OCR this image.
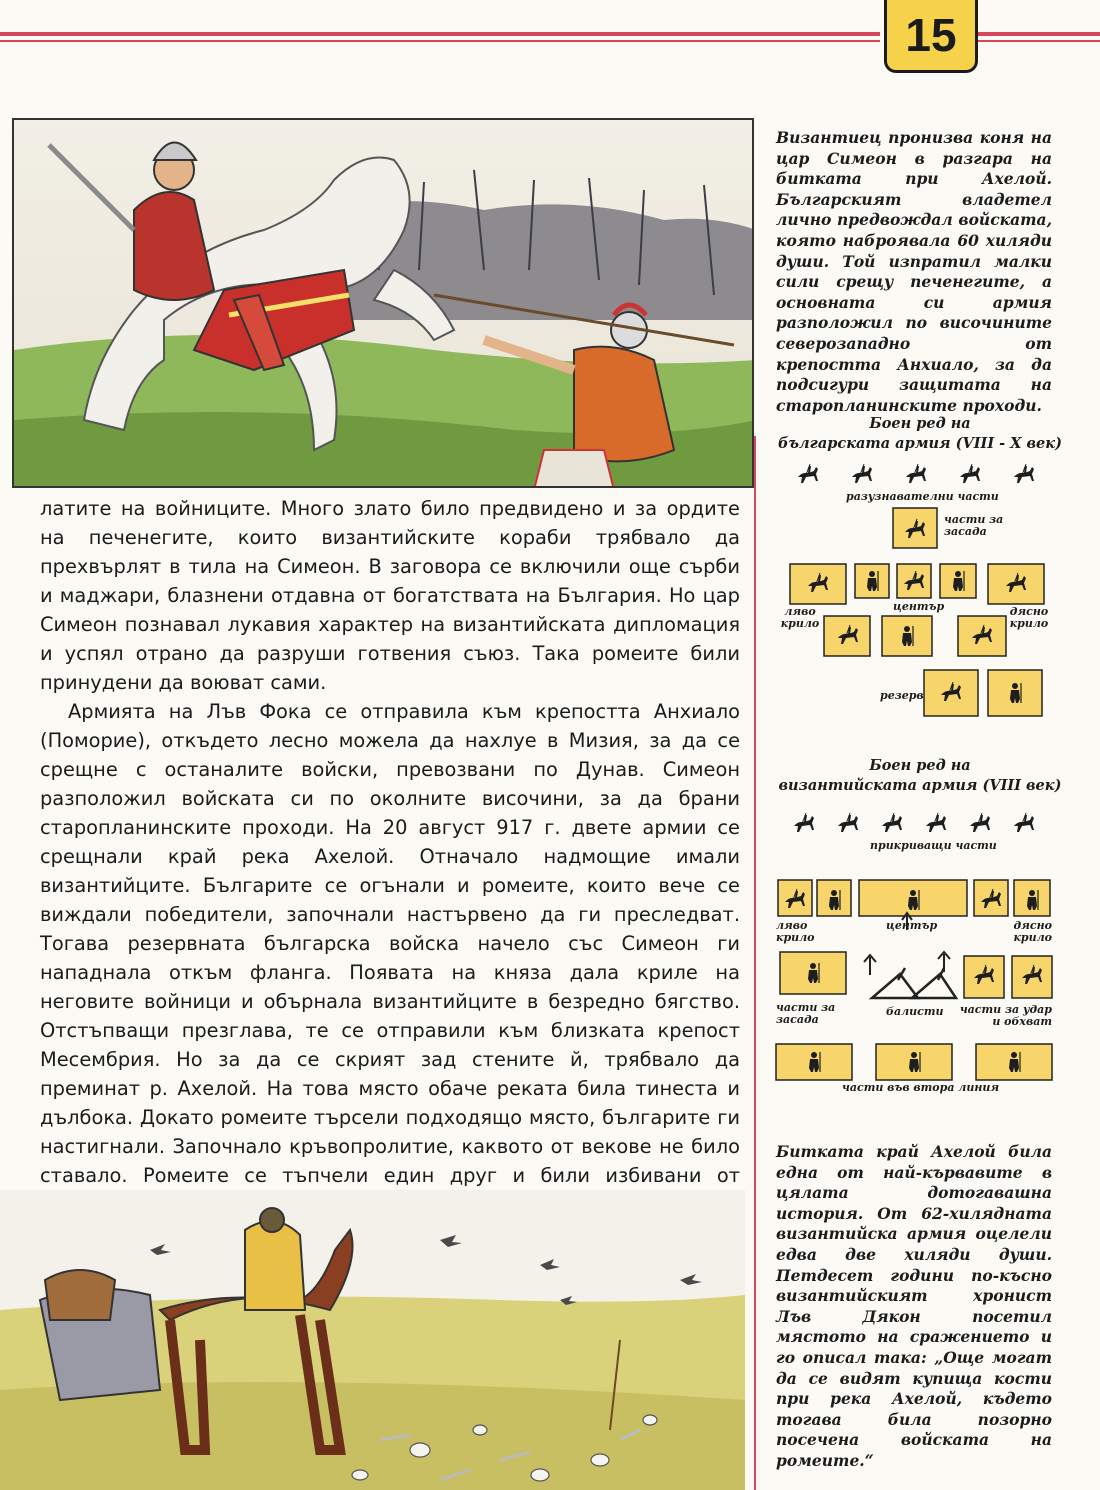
15

латите на войниците. Много злато било предвидено и за ордите на печенегите, които византийските кораби трябвало да прехвърлят в тила на Симеон. В заговора се включили още сърби и маджари, блазнени отдавна от богатствата на България. Но цар Симеон познавал лукавия характер на византийската дипломация и успял отрано да разруши готвения съюз. Така ромеите били принудени да воюват сами.

Армията на Лъв Фока се отправила към крепостта Анхиало (Поморие), откъдето лесно можела да нахлуе в Мизия, за да се срещне с останалите войски, превозвани по Дунав. Симеон разположил войската си по околните височини, за да брани старопланинските проходи. На 20 август 917 г. двете армии се срещнали край река Ахелой. Отначало надмощие имали византийците. Българите се огънали и ромеите, които вече се виждали победители, започнали настървено да ги преследват. Тогава резервната българска войска начело със Симеон ги нападнала откъм фланга. Появата на княза дала криле на неговите войници и обърнала византийците в безредно бягство. Отстъпващи презглава, те се отправили към близката крепост Месембрия. Но за да се скрият зад стените й, трябвало да преминат р. Ахелой. На това място обаче реката била тинеста и дълбока. Докато ромеите търсели подходящо място, българите ги настигнали. Започнало кръвопролитие, каквото от векове не било ставало. Ромеите се тъпчели един друг и били избивани от

Византиец пронизва коня на цар Симеон в разгара на битката при Ахелой. Българският владетел лично предвождал войската, която наброявала 60 хиляди души. Той изпратил малки сили срещу печенегите, а основната си армия разположил по височините северозападно от крепостта Анхиало, за да подсигури защитата на старопланинските проходи.
Битката край Ахелой била една от най-кървавите в цялата дотогавашна история. От 62-хилядната византийска армия оцелели едва две хиляди души. Петдесет години по-късно византийският хронист Лъв Дякон посетил мястото на сражението и го описал така: „Още могат да се видят купища кости при река Ахелой, където тогава била позорно посечена войската на ромеите.“
Боен ред на
българската армия (VIII - X век)
разузнавателни части
части за засада
ляво крило
център	дясно крило
резерв
Боен ред на
византийската армия (VIII век)
прикриващи части
ляво крило
център	дясно крило
части за засада
балисти части за удар и обхват
части във втора линия
